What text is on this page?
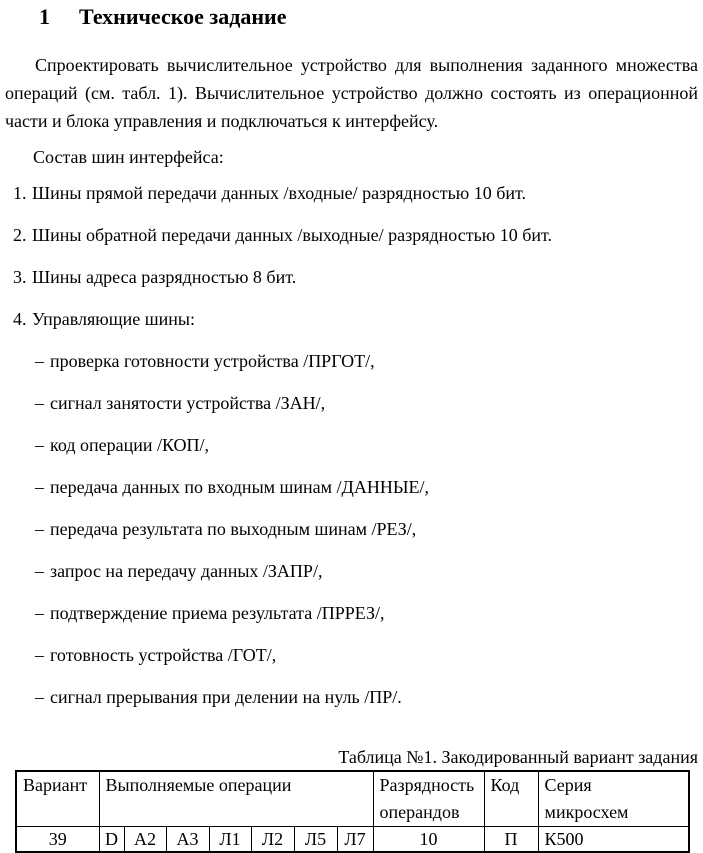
1 Техническое задание

Спроектировать вычислительное устройство для выполнения заданного множества операций (см. табл. 1). Вычислительное устройство должно состоять из операционной части и блока управления и подключаться к интерфейсу.

Состав шин интерфейса:

1. Шины прямой передачи данных /входные/ разрядностью 10 бит.
2. Шины обратной передачи данных /выходные/ разрядностью 10 бит.
3. Шины адреса разрядностью 8 бит.
4. Управляющие шины:
– проверка готовности устройства /ПРГОТ/,
– сигнал занятости устройства /ЗАН/,
– код операции /КОП/,
– передача данных по входным шинам /ДАННЫЕ/,
– передача результата по выходным шинам /РЕЗ/,
– запрос на передачу данных /ЗАПР/,
– подтверждение приема результата /ПРРЕЗ/,
– готовность устройства /ГОТ/,
– сигнал прерывания при делении на нуль /ПР/.

Таблица №1. Закодированный вариант задания

Вариант	Выполняемые операции							Разрядность операндов	Код	Серия микросхем
39	D	А2	А3	Л1	Л2	Л5	Л7	10	П	К500
